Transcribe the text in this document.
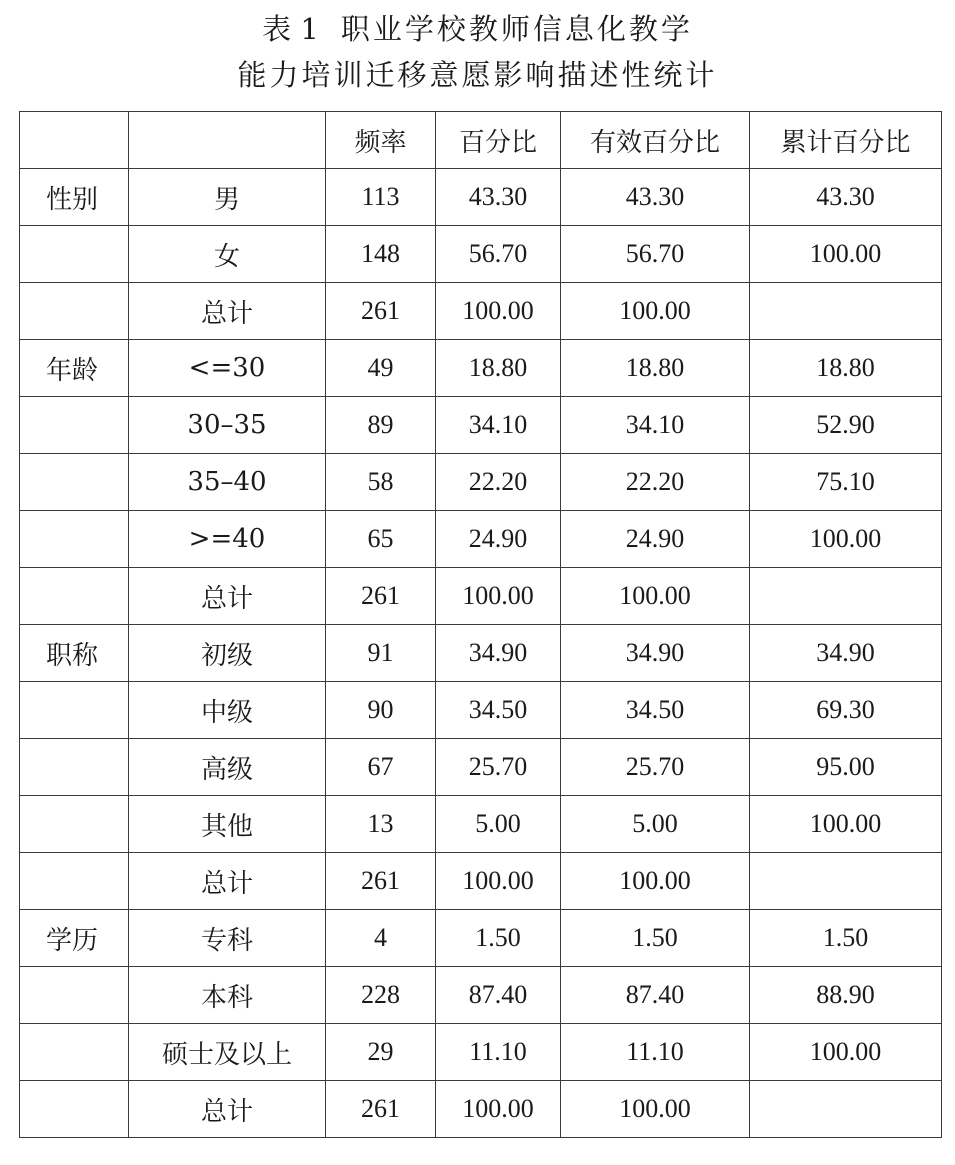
表 1 职业学校教师信息化教学
能力培训迁移意愿影响描述性统计
		频率	百分比	有效百分比	累计百分比
性别	男	113	43.30	43.30	43.30
	女	148	56.70	56.70	100.00
	总计	261	100.00	100.00	
年龄	<=30	49	18.80	18.80	18.80
	30–35	89	34.10	34.10	52.90
	35–40	58	22.20	22.20	75.10
	>=40	65	24.90	24.90	100.00
	总计	261	100.00	100.00	
职称	初级	91	34.90	34.90	34.90
	中级	90	34.50	34.50	69.30
	高级	67	25.70	25.70	95.00
	其他	13	5.00	5.00	100.00
	总计	261	100.00	100.00	
学历	专科	4	1.50	1.50	1.50
	本科	228	87.40	87.40	88.90
	硕士及以上	29	11.10	11.10	100.00
	总计	261	100.00	100.00	
